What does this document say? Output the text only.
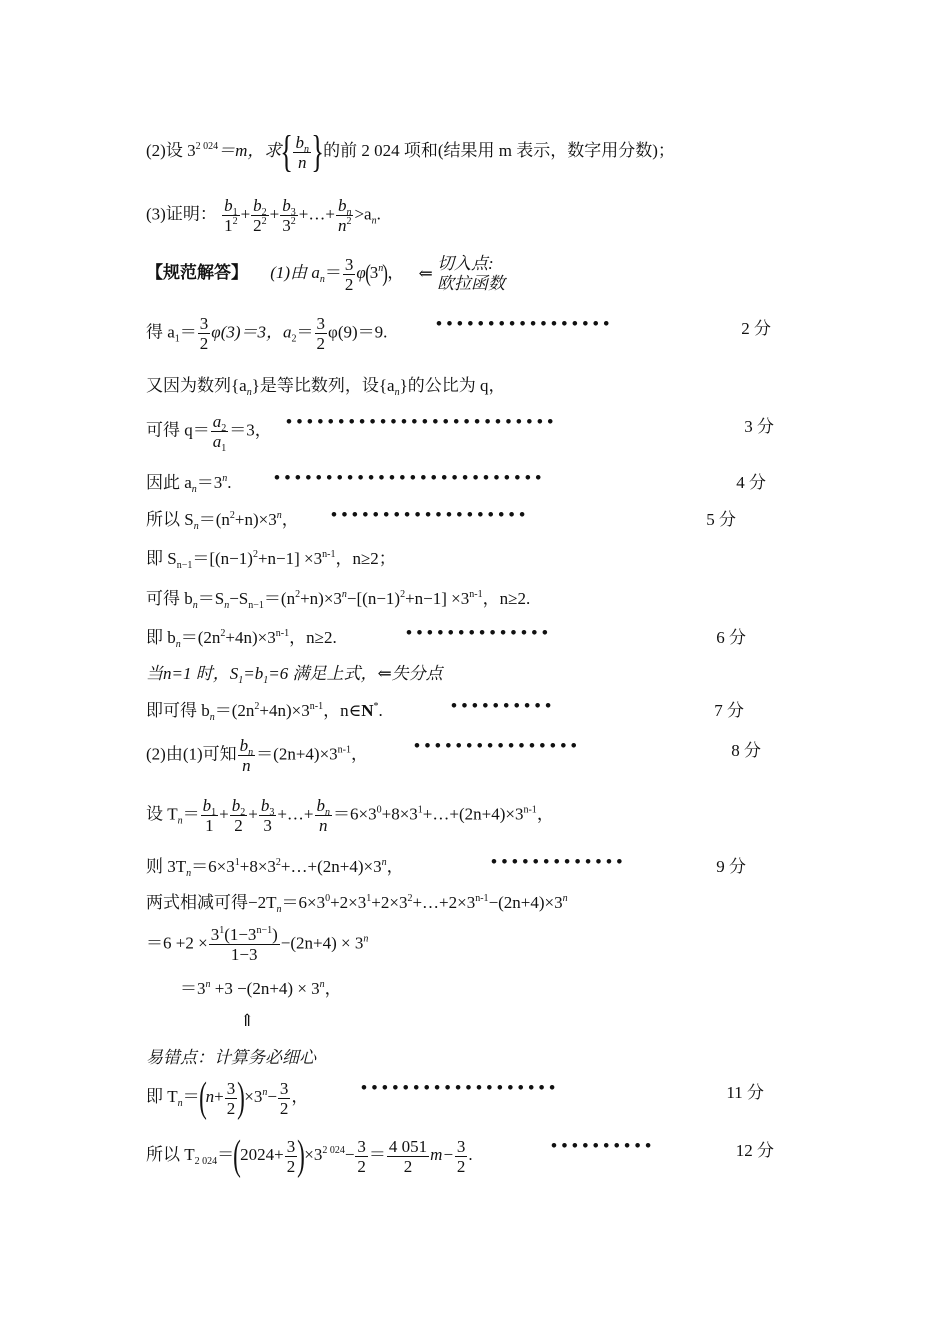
(2)设 $3^{2 024}=m$，求{ $\frac{b_n}{n}$ }的前 2 024 项和(结果用 m 表示，数字用分数)；
(3)证明： $\frac{b_1}{1^2} + \frac{b_2}{2^2} + \frac{b_3}{3^2}$ +…+ $\frac{b_n}{n^2} >a_n$.
【规范解答】 (1)由 $a_n= \frac{3}{2} \varphi(3^n)$， ⇐
切入点:
欧拉函数
得 $a_1= \frac{3}{2} \varphi(3)=3$，$a_2= \frac{3}{2} \varphi(9)=9$.	•••••••••••••••••	2 分
又因为数列$\{a_n\}$是等比数列，设$\{a_n\}$的公比为 q，
可得 $q= \frac{a_2}{a_1} =3$， ••••••••••••••••••••••••••	3 分
因此 $a_n=3^n$. ••••••••••••••••••••••••••	4 分
所以 $S_n=(n^2+n)\times 3^n$， •••••••••••••••••••	5 分
即 $S_{n-1}=[(n-1)^2+n-1] \times 3^{n-1}$，n≥2；
可得 $b_n=S_n-S_{n-1}=(n^2+n)\times 3^n-[(n-1)^2+n-1] \times 3^{n-1}$，n≥2.
即 $b_n=(2n^2+4n)\times 3^{n-1}$，n≥2.	••••••••••••••	6 分
当n=1 时，$S_1=b_1=6$ 满足上式，⇐失分点
即可得 $b_n=(2n^2+4n)\times 3^{n-1}$，n∈N*.	••••••••••	7 分
(2)由(1)可知 $\frac{b_n}{n} =(2n+4)\times 3^{n-1}$，	••••••••••••••••	8 分
设 $T_n= \frac{b_1}{1} + \frac{b_2}{2} + \frac{b_3}{3}$ +…+ $\frac{b_n}{n}$ $=6\times 3^0+8\times 3^1+\dots+(2n+4)\times 3^{n-1}$，
则 $3T_n=6\times 3^1+8\times 3^2+\dots+(2n+4)\times 3^n$，	•••••••••••••	9 分
两式相减可得$-2T_n=6\times 3^0+2\times 3^1+2\times 3^2+\dots+2\times 3^{n-1}-(2n+4)\times 3^n$
$=6 +2 \times \frac{3^1(1-3^{n-1})}{1-3} -(2n+4) \times 3^n$
$=3^n +3 -(2n+4) \times 3^n$，
⇑
易错点：计算务必细心
即 $T_n=(n+ \frac{3}{2} )\times 3^n- \frac{3}{2}$ ，	•••••••••••••••••••	11 分
所以 $T_{2 024}=(2024+ \frac{3}{2} )\times 3^{2 024}- \frac{3}{2} = \frac{4 051}{2} m- \frac{3}{2}$ .	••••••••••	12 分
